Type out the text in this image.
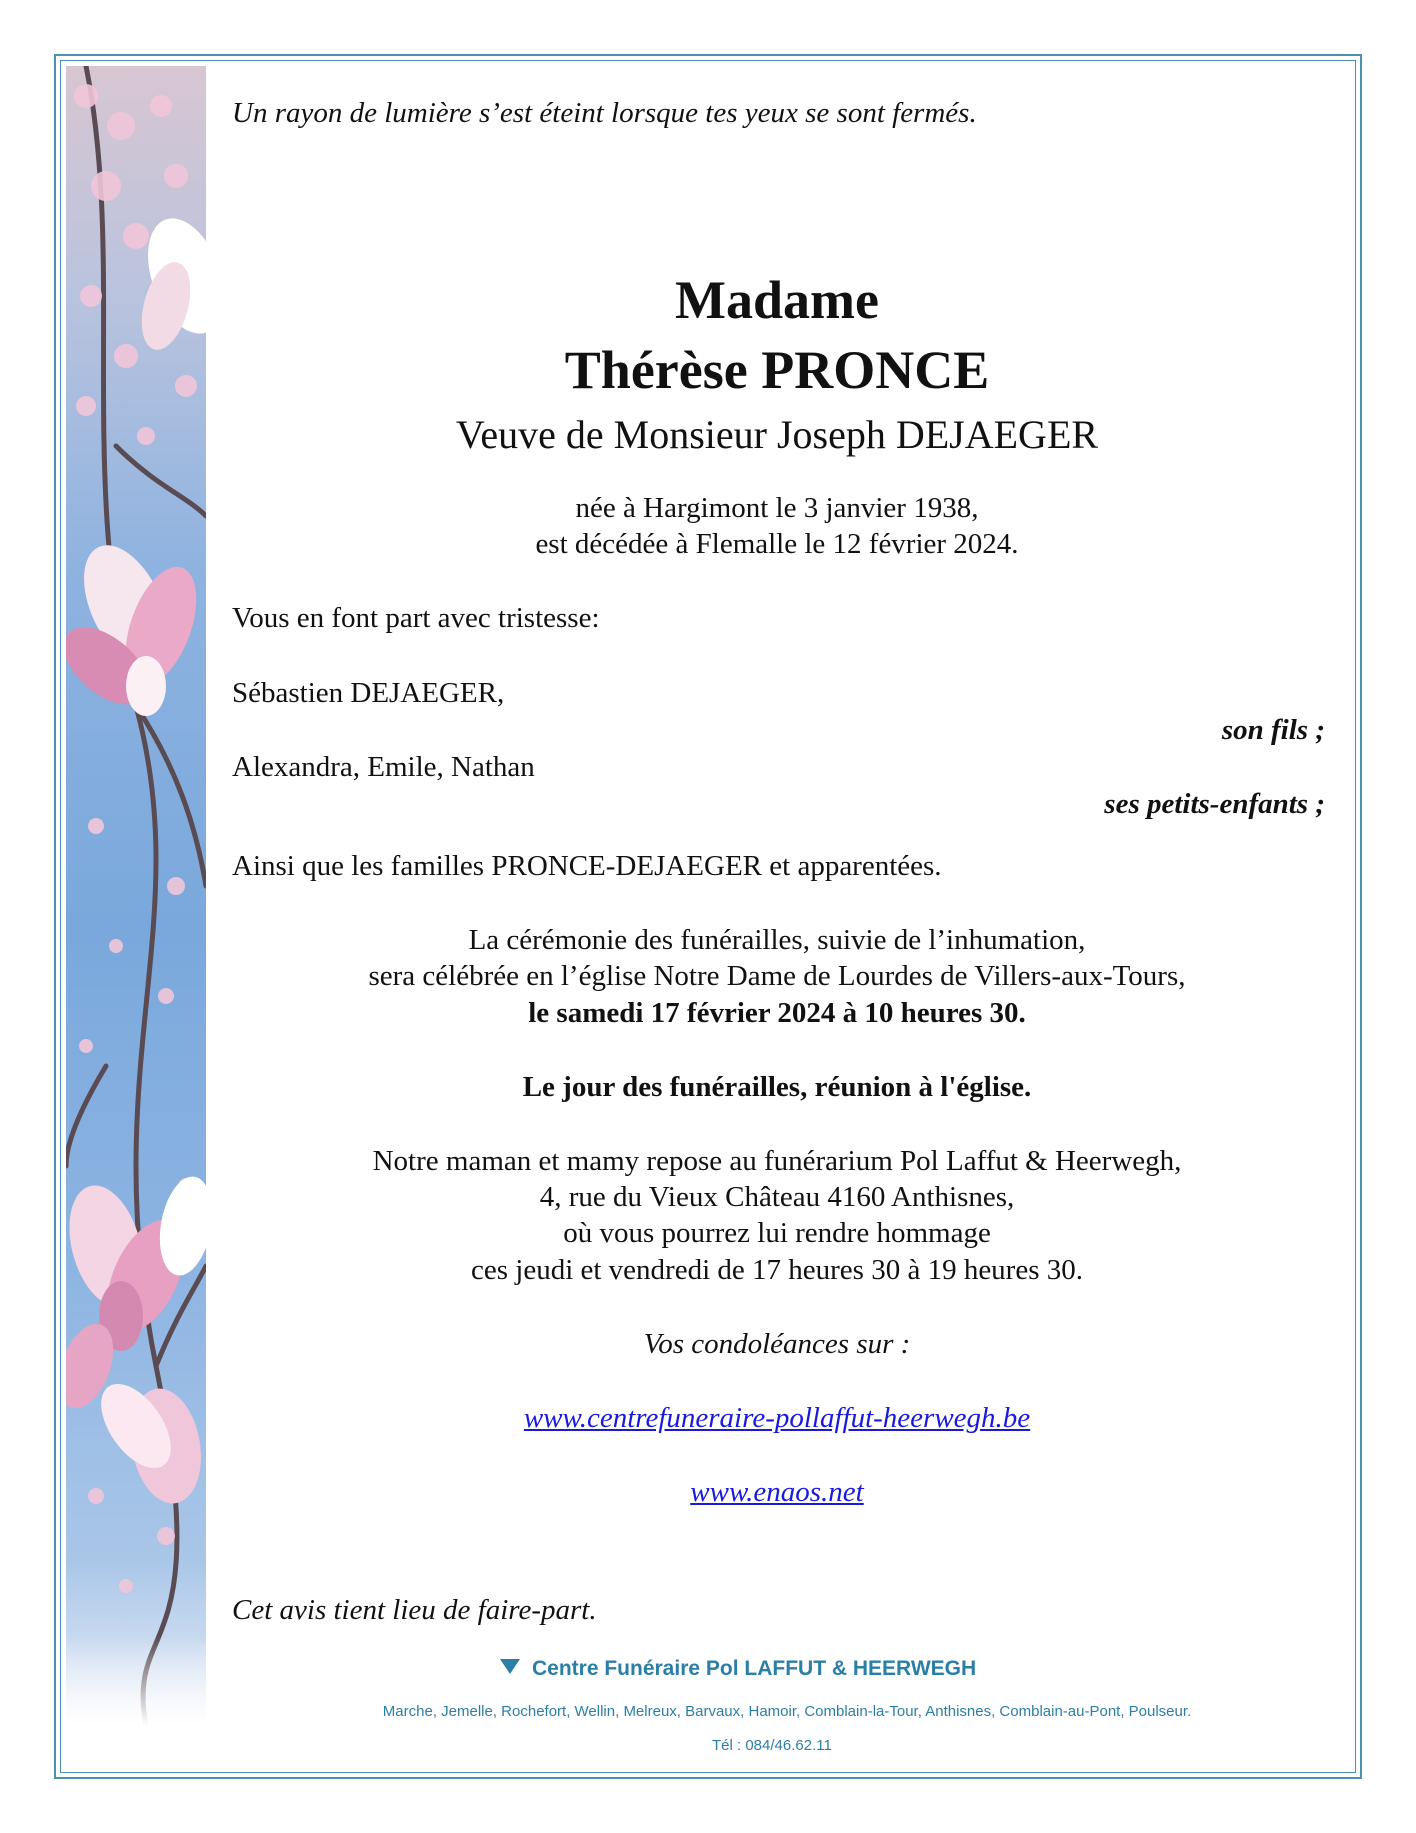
Un rayon de lumière s’est éteint lorsque tes yeux se sont fermés.
Madame
Thérèse PRONCE
Veuve de Monsieur Joseph DEJAEGER
née à Hargimont le 3 janvier 1938,
est décédée à Flemalle le 12 février 2024.
Vous en font part avec tristesse:
Sébastien DEJAEGER,
son fils ;
Alexandra, Emile, Nathan
ses petits-enfants ;
Ainsi que les familles PRONCE-DEJAEGER et apparentées.
La cérémonie des funérailles, suivie de l’inhumation,
sera célébrée en l’église Notre Dame de Lourdes de Villers-aux-Tours,
le samedi 17 février 2024 à 10 heures 30.
Le jour des funérailles, réunion à l'église.
Notre maman et mamy repose au funérarium Pol Laffut & Heerwegh,
4, rue du Vieux Château 4160 Anthisnes,
où vous pourrez lui rendre hommage
ces jeudi et vendredi de 17 heures 30 à 19 heures 30.
Vos condoléances sur :
www.centrefuneraire-pollaffut-heerwegh.be
www.enaos.net
Cet avis tient lieu de faire-part.
Centre Funéraire Pol LAFFUT & HEERWEGH
Marche, Jemelle, Rochefort, Wellin, Melreux, Barvaux, Hamoir, Comblain-la-Tour, Anthisnes, Comblain-au-Pont, Poulseur.
Tél : 084/46.62.11
